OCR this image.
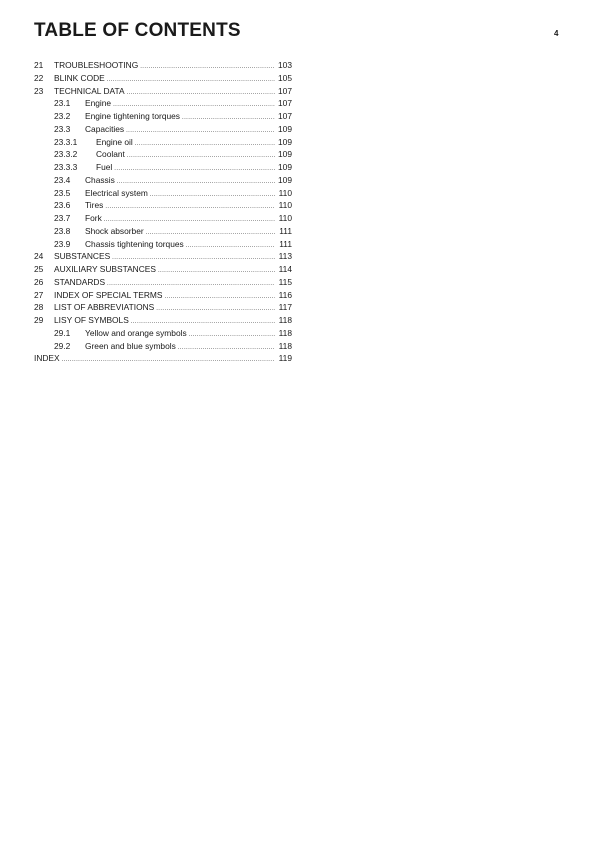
TABLE OF CONTENTS	4
21	TROUBLESHOOTING .....	103
22	BLINK CODE .....	105
23	TECHNICAL DATA .....	107
23.1	Engine .....	107
23.2	Engine tightening torques .....	107
23.3	Capacities .....	109
23.3.1	Engine oil .....	109
23.3.2	Coolant .....	109
23.3.3	Fuel .....	109
23.4	Chassis .....	109
23.5	Electrical system .....	110
23.6	Tires .....	110
23.7	Fork .....	110
23.8	Shock absorber .....	111
23.9	Chassis tightening torques .....	111
24	SUBSTANCES .....	113
25	AUXILIARY SUBSTANCES .....	114
26	STANDARDS .....	115
27	INDEX OF SPECIAL TERMS .....	116
28	LIST OF ABBREVIATIONS .....	117
29	LISY OF SYMBOLS .....	118
29.1	Yellow and orange symbols .....	118
29.2	Green and blue symbols .....	118
INDEX .....	119
